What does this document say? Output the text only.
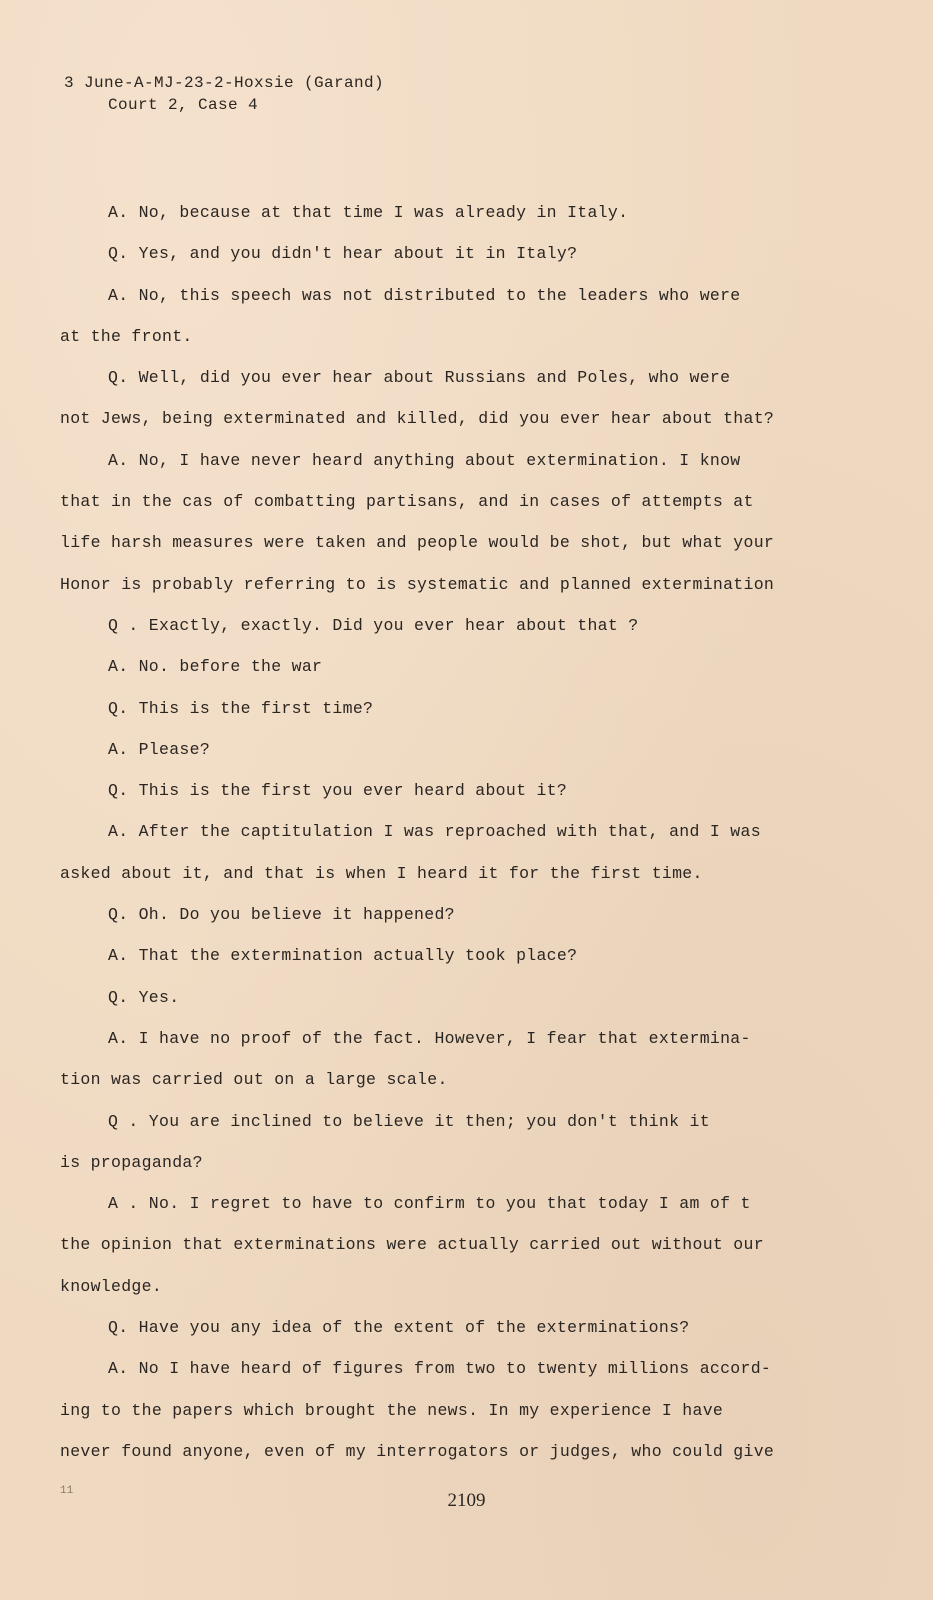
3 June-A-MJ-23-2-Hoxsie (Garand)
Court 2, Case 4
A. No, because at that time I was already in Italy.
Q. Yes, and you didn't hear about it in Italy?
A. No, this speech was not distributed to the leaders who were
at the front.
Q. Well, did you ever hear about Russians and Poles, who were
not Jews, being exterminated and killed, did you ever hear about that?
A. No, I have never heard anything about extermination. I know
that in the cas of combatting partisans, and in cases of attempts at
life harsh measures were taken and people would be shot, but what your
Honor is probably referring to is systematic and planned extermination
Q . Exactly, exactly. Did you ever hear about that ?
A. No. before the war
Q. This is the first time?
A. Please?
Q. This is the first you ever heard about it?
A. After the captitulation I was reproached with that, and I was
asked about it, and that is when I heard it for the first time.
Q. Oh. Do you believe it happened?
A. That the extermination actually took place?
Q. Yes.
A. I have no proof of the fact. However, I fear that extermina-
tion was carried out on a large scale.
Q . You are inclined to believe it then; you don't think it
is propaganda?
A . No. I regret to have to confirm to you that today I am of t
the opinion that exterminations were actually carried out without our
knowledge.
Q. Have you any idea of the extent of the exterminations?
A. No I have heard of figures from two to twenty millions accord-
ing to the papers which brought the news. In my experience I have
never found anyone, even of my interrogators or judges, who could give
11	2109
